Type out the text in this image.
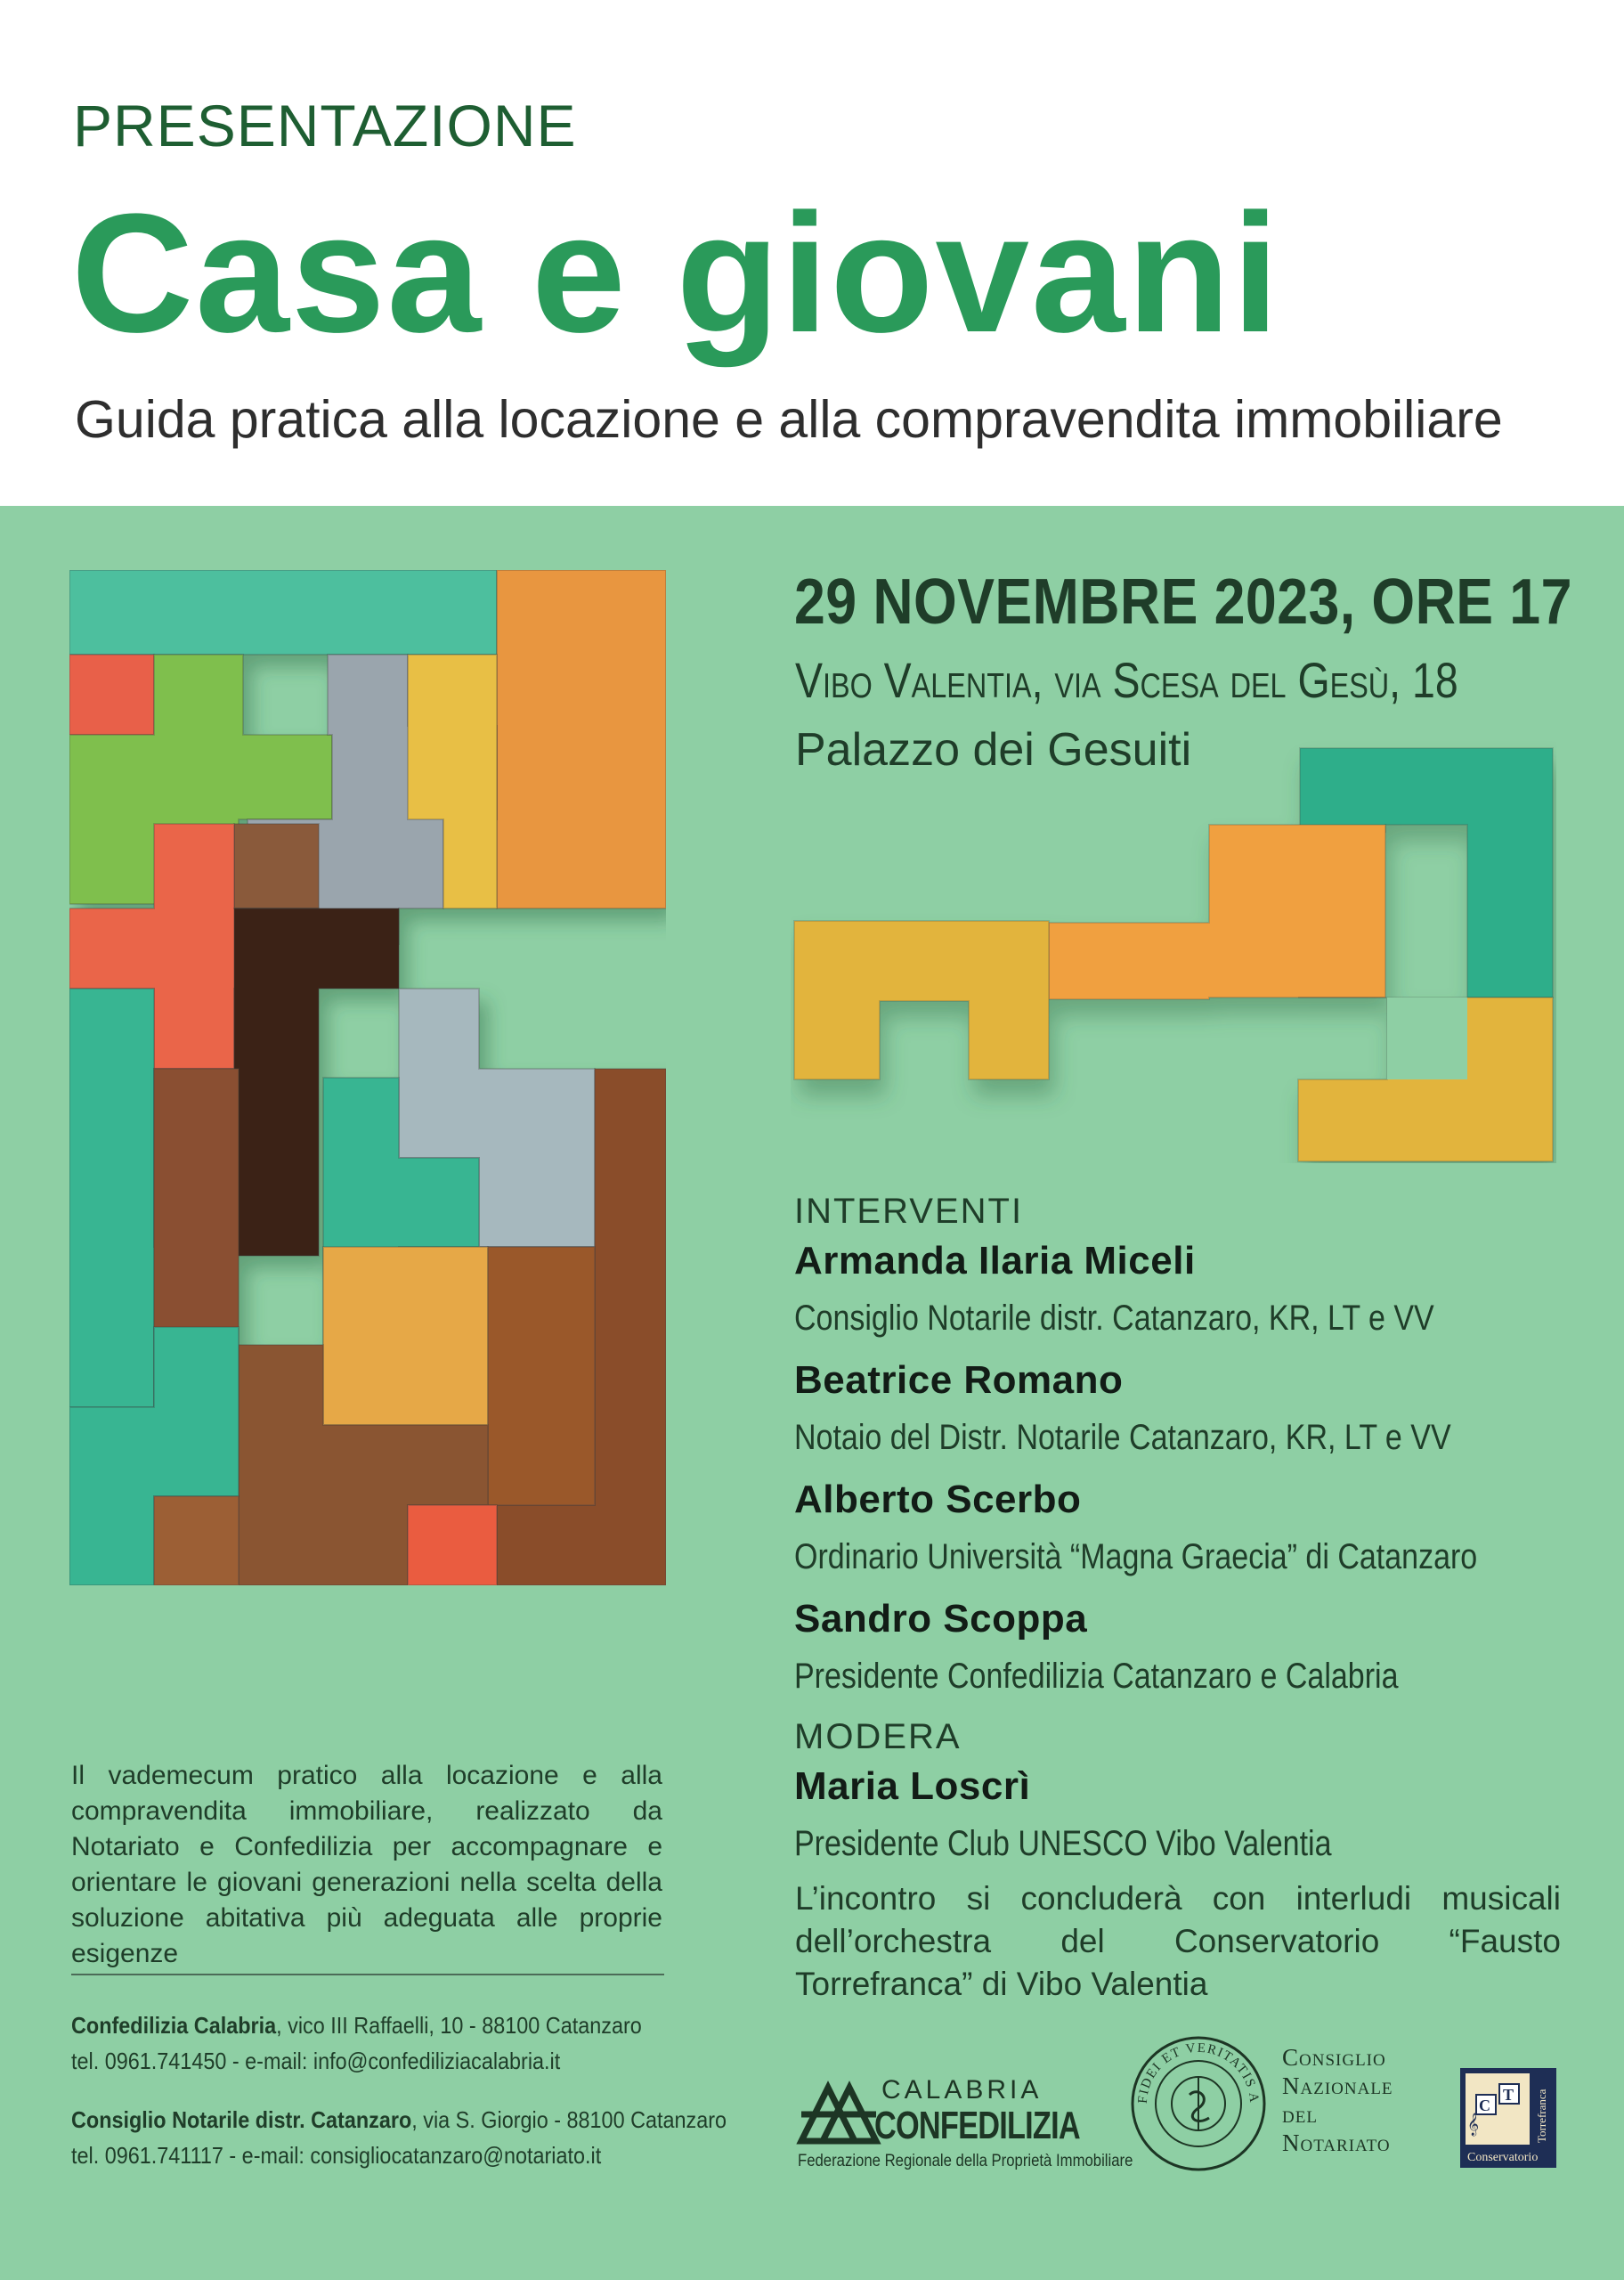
PRESENTAZIONE

Casa e giovani

Guida pratica alla locazione e alla compravendita immobiliare

29 NOVEMBRE 2023, ORE 17

Vibo Valentia, via Scesa del Gesù, 18

Palazzo dei Gesuiti

INTERVENTI

Armanda Ilaria Miceli

Consiglio Notarile distr. Catanzaro, KR, LT e VV

Beatrice Romano

Notaio del Distr. Notarile Catanzaro, KR, LT e VV

Alberto Scerbo

Ordinario Università “Magna Graecia” di Catanzaro

Sandro Scoppa

Presidente Confedilizia Catanzaro e Calabria

MODERA

Maria Loscrì

Presidente Club UNESCO Vibo Valentia

L’incontro si concluderà con interludi musicali dell’orchestra del Conservatorio “Fausto Torrefranca” di Vibo Valentia

Il vademecum pratico alla locazione e alla compravendita immobiliare, realizzato da Notariato e Confedilizia per accompagnare e orientare le giovani generazioni nella scelta della soluzione abitativa più adeguata alle proprie esigenze

Confedilizia Calabria, vico III Raffaelli, 10 - 88100 Catanzaro
tel. 0961.741450 - e-mail: info@confediliziacalabria.it

Consiglio Notarile distr. Catanzaro, via S. Giorgio - 88100 Catanzaro
tel. 0961.741117 - e-mail: consigliocatanzaro@notariato.it

CALABRIA

CONFEDILIZIA

Federazione Regionale della Proprietà Immobiliare

FIDEI ET VERITATIS A

Consiglio

Nazionale

del

Notariato

C
T
𝄞	Torrefranca
Conservatorio
